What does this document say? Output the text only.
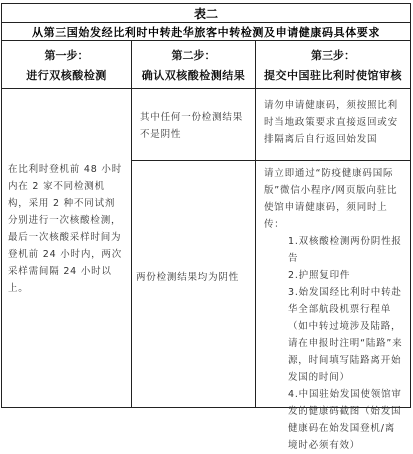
表二
从第三国始发经比利时中转赴华旅客中转检测及申请健康码具体要求
第一步：
进行双核酸检测
第二步：
确认双核酸检测结果
第三步：
提交中国驻比利时使馆审核
在比利时登机前 48 小时内在 2 家不同检测机构，采用 2 种不同试剂分别进行一次核酸检测，最后一次核酸采样时间为登机前 24 小时内，两次采样需间隔 24 小时以上。
其中任何一份检测结果不是阴性
请勿申请健康码，须按照比利时当地政策要求直接返回或安排隔离后自行返回始发国
两份检测结果均为阴性

请立即通过“防疫健康码国际版”微信小程序/网页版向驻比使馆申请健康码，须同时上传：

1.双核酸检测两份阴性报告

2.护照复印件

3.始发国经比利时中转赴华全部航段机票行程单（如中转过境涉及陆路，请在申报时注明“陆路”来源，时间填写陆路离开始发国的时间）

4.中国驻始发国使领馆审发的健康码截图（始发国健康码在始发国登机/离境时必须有效）
